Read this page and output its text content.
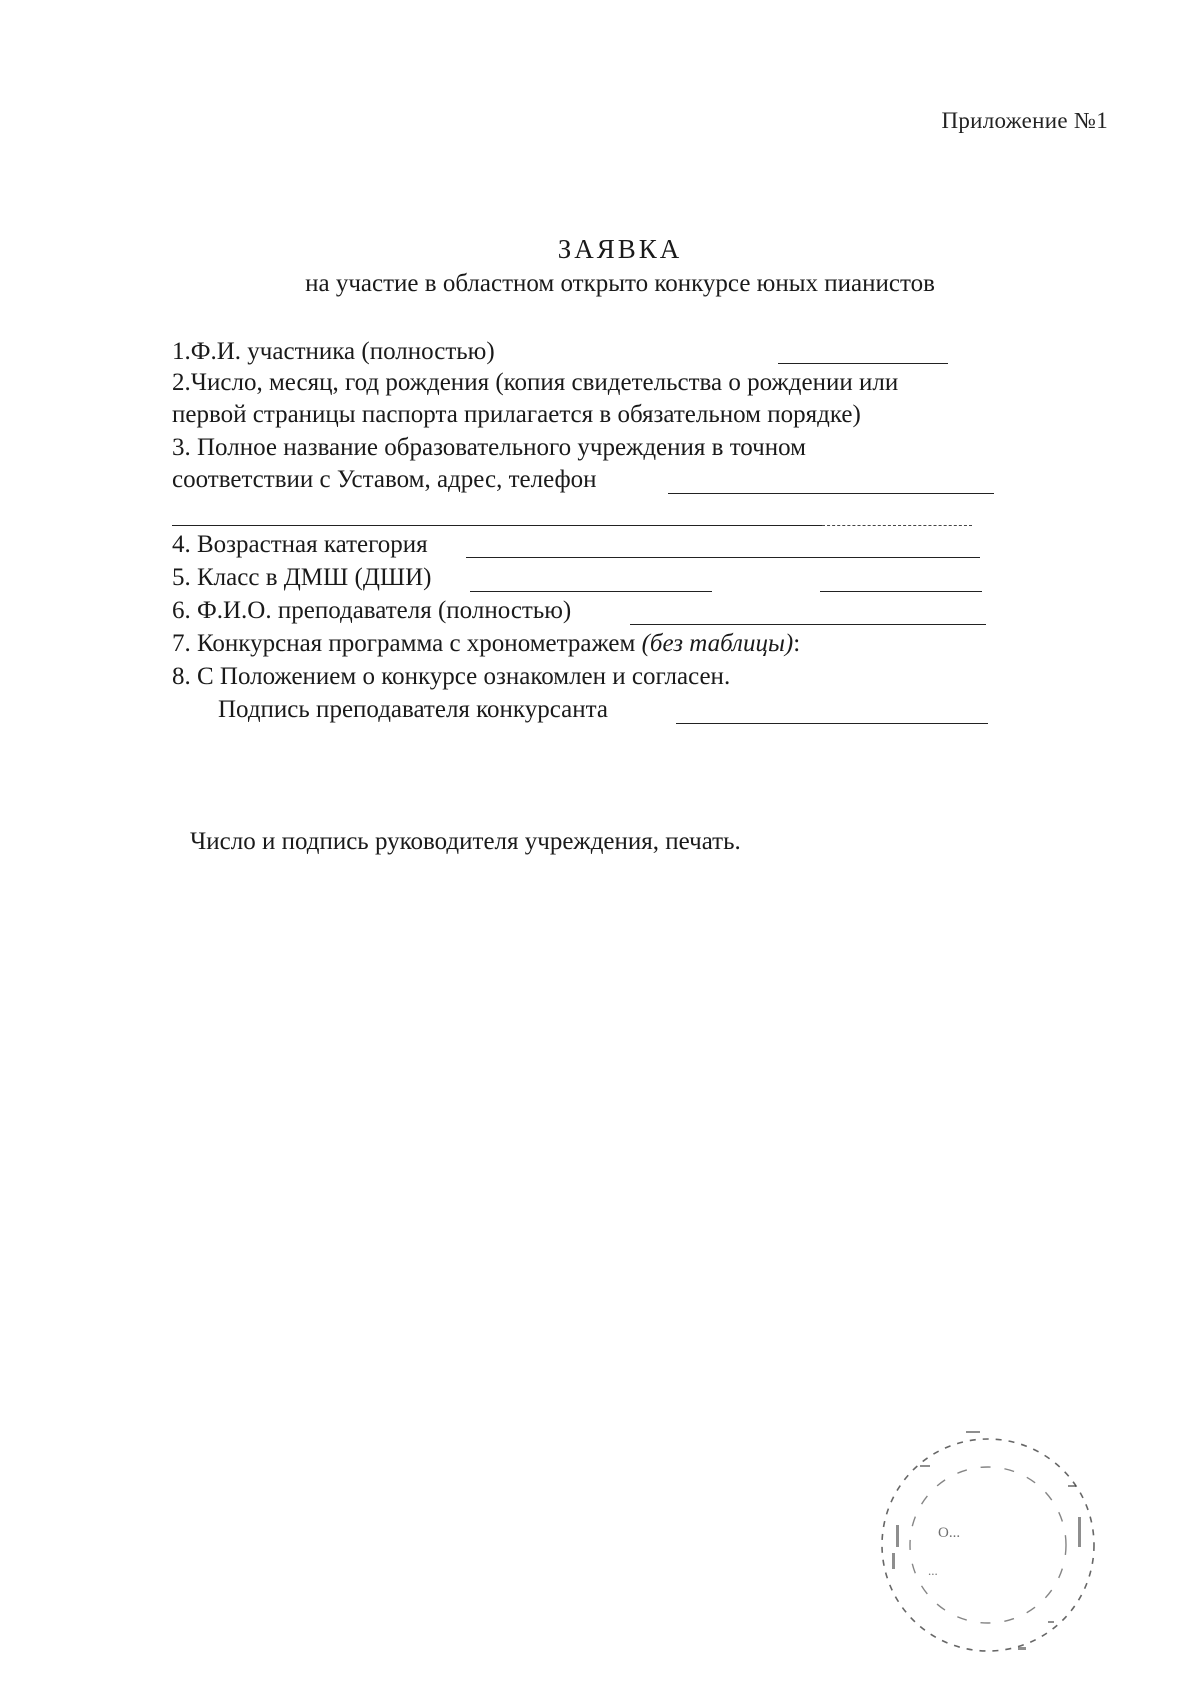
Приложение №1
ЗАЯВКА
на участие в областном открыто конкурсе юных пианистов
1.Ф.И. участника (полностью)
2.Число, месяц, год рождения (копия свидетельства о рождении или
первой страницы паспорта прилагается в обязательном порядке)
3. Полное название образовательного учреждения в точном
соответствии с Уставом, адрес, телефон
4. Возрастная категория
5. Класс в ДМШ (ДШИ)
6. Ф.И.О. преподавателя (полностью)
7. Конкурсная программа с хронометражем (без таблицы):
8. С Положением о конкурсе ознакомлен и согласен.
Подпись преподавателя конкурсанта
Число и подпись руководителя учреждения, печать.
О...
...
